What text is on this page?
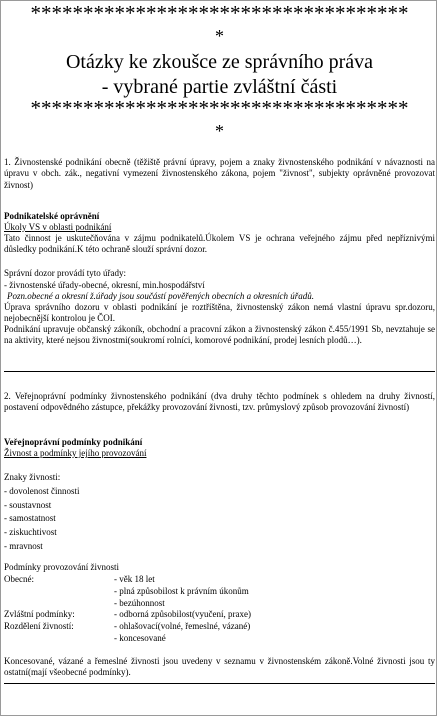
************************************
*
Otázky ke zkoušce ze správního práva
- vybrané partie zvláštní části
************************************
*
1. Živnostenské podnikání obecně (těžiště právní úpravy, pojem a znaky živnostenského podnikání v návaznosti na úpravu v obch. zák., negativní vymezení živnostenského zákona, pojem "živnost", subjekty oprávněné provozovat živnost)
Podnikatelské oprávnění
Úkoly VS v oblasti podnikání
Tato činnost je uskutečňována v zájmu podnikatelů.Úkolem VS je ochrana veřejného zájmu před nepříznivými důsledky podnikání.K této ochraně slouží správní dozor.
Správní dozor provádí tyto úřady:
- živnostenské úřady-obecné, okresní, min.hospodářství
Pozn.obecné a okresní ž.úřady jsou součástí pověřených obecních a okresních úřadů.
Úprava správního dozoru v oblasti podnikání je roztříštěna, živnostenský zákon nemá vlastní úpravu spr.dozoru, nejobecnější kontrolou je ČOI.
Podnikání upravuje občanský zákoník, obchodní a pracovní zákon a živnostenský zákon č.455/1991 Sb, nevztahuje se na aktivity, které nejsou živnostmi(soukromí rolníci, komorové podnikání, prodej lesních plodů…).
2. Veřejnoprávní podmínky živnostenského podnikání (dva druhy těchto podmínek s ohledem na druhy živností, postavení odpovědného zástupce, překážky provozování živnosti, tzv. průmyslový způsob provozování živností)
Veřejnoprávní podmínky podnikání
Živnost a podmínky jejího provozování
Znaky živnosti:
- dovolenost činnosti
- soustavnost
- samostatnost
- ziskuchtivost
- mravnost
Podmínky provozování živnosti
Obecné:	- věk 18 let
- plná způsobilost k právním úkonům
- bezúhonnost
Zvláštní podmínky:	- odborná způsobilost(vyučení, praxe)
Rozdělení živností:	- ohlašovací(volné, řemeslné, vázané)
- koncesované
Koncesované, vázané a řemeslné živnosti jsou uvedeny v seznamu v živnostenském zákoně.Volné živnosti jsou ty ostatní(mají všeobecné podmínky).
